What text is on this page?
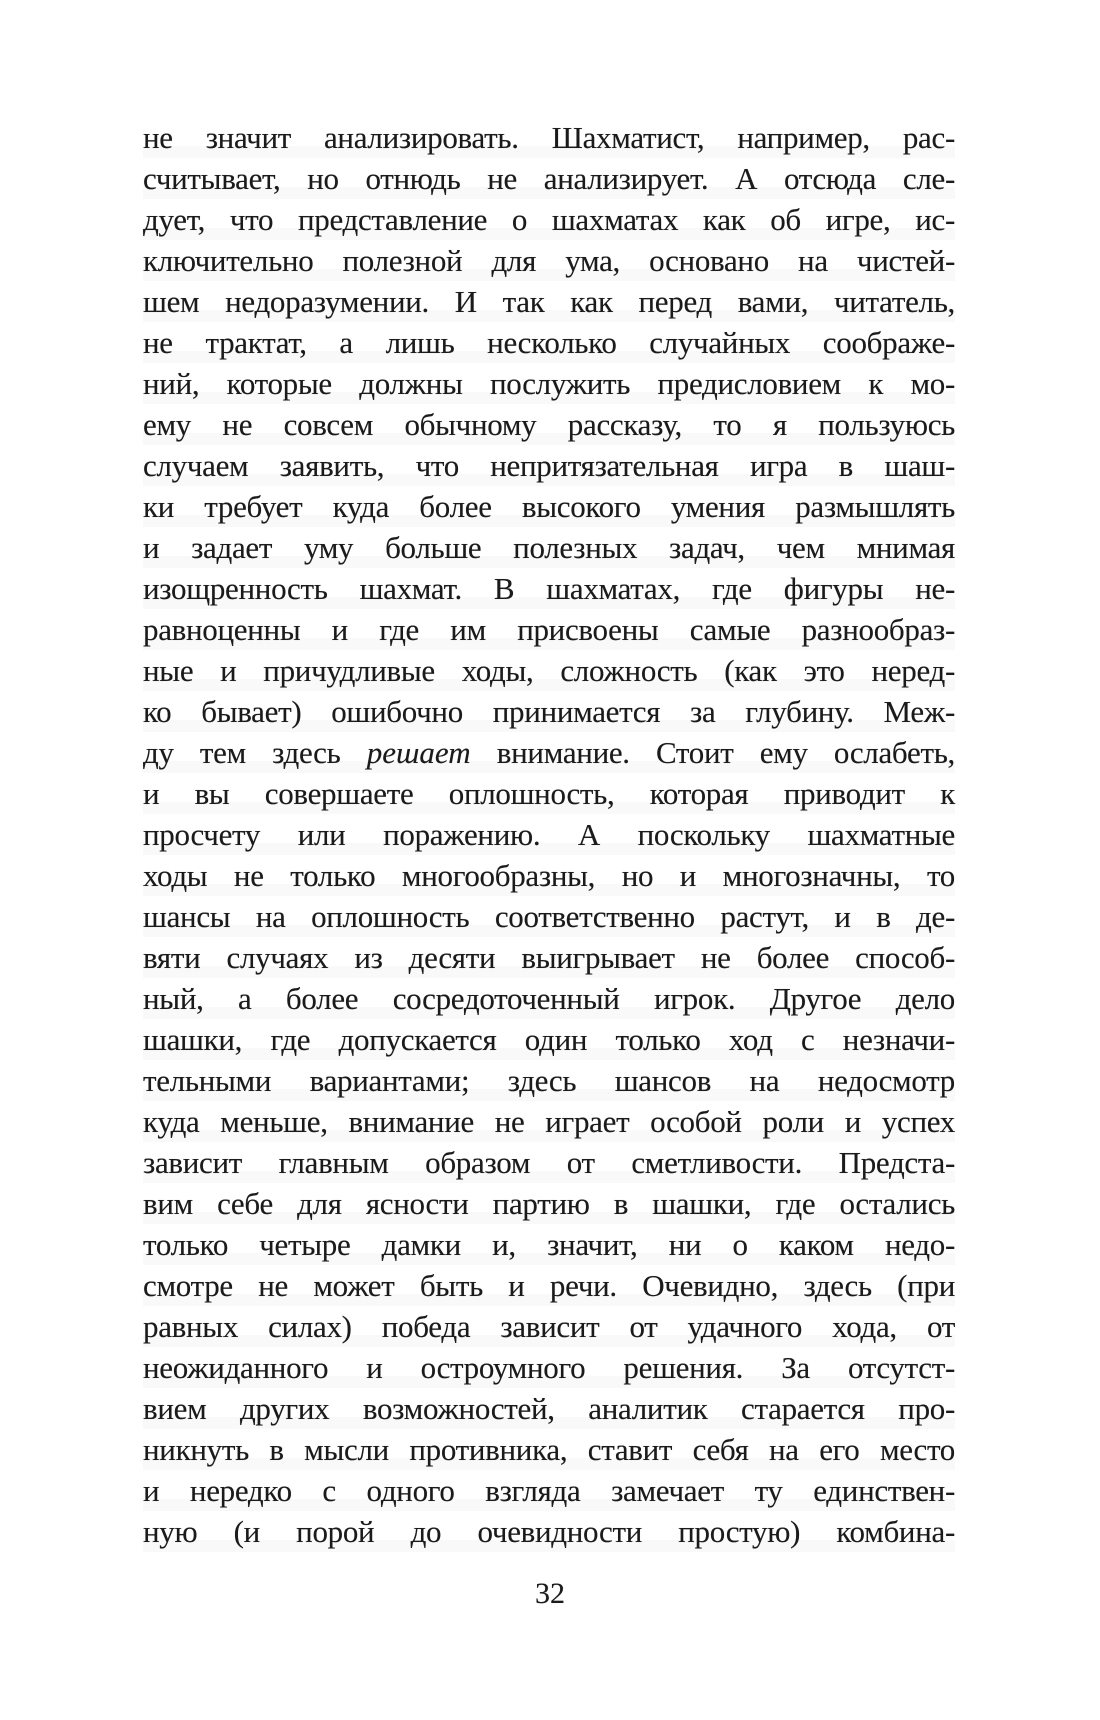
не значит анализировать. Шахматист, например, рас-
считывает, но отнюдь не анализирует. А отсюда сле-
дует, что представление о шахматах как об игре, ис-
ключительно полезной для ума, основано на чистей-
шем недоразумении. И так как перед вами, читатель,
не трактат, а лишь несколько случайных соображе-
ний, которые должны послужить предисловием к мо-
ему не совсем обычному рассказу, то я пользуюсь
случаем заявить, что непритязательная игра в шаш-
ки требует куда более высокого умения размышлять
и задает уму больше полезных задач, чем мнимая
изощренность шахмат. В шахматах, где фигуры не-
равноценны и где им присвоены самые разнообраз-
ные и причудливые ходы, сложность (как это неред-
ко бывает) ошибочно принимается за глубину. Меж-
ду тем здесь решает внимание. Стоит ему ослабеть,
и вы совершаете оплошность, которая приводит к
просчету или поражению. А поскольку шахматные
ходы не только многообразны, но и многозначны, то
шансы на оплошность соответственно растут, и в де-
вяти случаях из десяти выигрывает не более способ-
ный, а более сосредоточенный игрок. Другое дело
шашки, где допускается один только ход с незначи-
тельными вариантами; здесь шансов на недосмотр
куда меньше, внимание не играет особой роли и успех
зависит главным образом от сметливости. Предста-
вим себе для ясности партию в шашки, где остались
только четыре дамки и, значит, ни о каком недо-
смотре не может быть и речи. Очевидно, здесь (при
равных силах) победа зависит от удачного хода, от
неожиданного и остроумного решения. За отсутст-
вием других возможностей, аналитик старается про-
никнуть в мысли противника, ставит себя на его место
и нередко с одного взгляда замечает ту единствен-
ную (и порой до очевидности простую) комбина-
32
